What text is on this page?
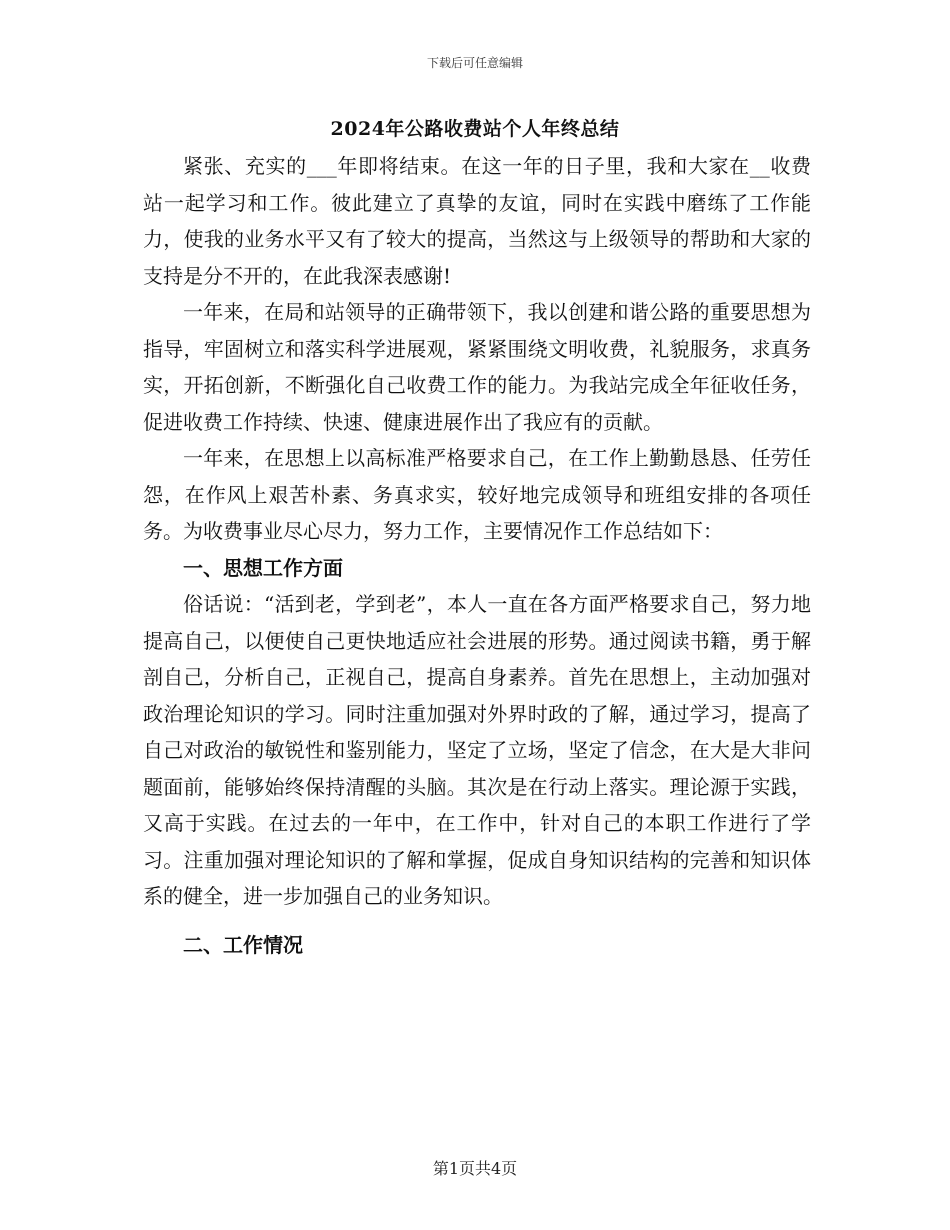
下载后可任意编辑
2024年公路收费站个人年终总结

紧张、充实的___年即将结束。在这一年的日子里，我和大家在__收费站一起学习和工作。彼此建立了真挚的友谊，同时在实践中磨练了工作能力，使我的业务水平又有了较大的提高，当然这与上级领导的帮助和大家的支持是分不开的，在此我深表感谢!

一年来，在局和站领导的正确带领下，我以创建和谐公路的重要思想为指导，牢固树立和落实科学进展观，紧紧围绕文明收费，礼貌服务，求真务实，开拓创新，不断强化自己收费工作的能力。为我站完成全年征收任务，促进收费工作持续、快速、健康进展作出了我应有的贡献。

一年来，在思想上以高标准严格要求自己，在工作上勤勤恳恳、任劳任怨，在作风上艰苦朴素、务真求实，较好地完成领导和班组安排的各项任务。为收费事业尽心尽力，努力工作，主要情况作工作总结如下：

一、思想工作方面

俗话说：“活到老，学到老”，本人一直在各方面严格要求自己，努力地提高自己，以便使自己更快地适应社会进展的形势。通过阅读书籍，勇于解剖自己，分析自己，正视自己，提高自身素养。首先在思想上，主动加强对政治理论知识的学习。同时注重加强对外界时政的了解，通过学习，提高了自己对政治的敏锐性和鉴别能力，坚定了立场，坚定了信念，在大是大非问题面前，能够始终保持清醒的头脑。其次是在行动上落实。理论源于实践，又高于实践。在过去的一年中，在工作中，针对自己的本职工作进行了学习。注重加强对理论知识的了解和掌握，促成自身知识结构的完善和知识体系的健全，进一步加强自己的业务知识。

二、工作情况
第1页共4页
